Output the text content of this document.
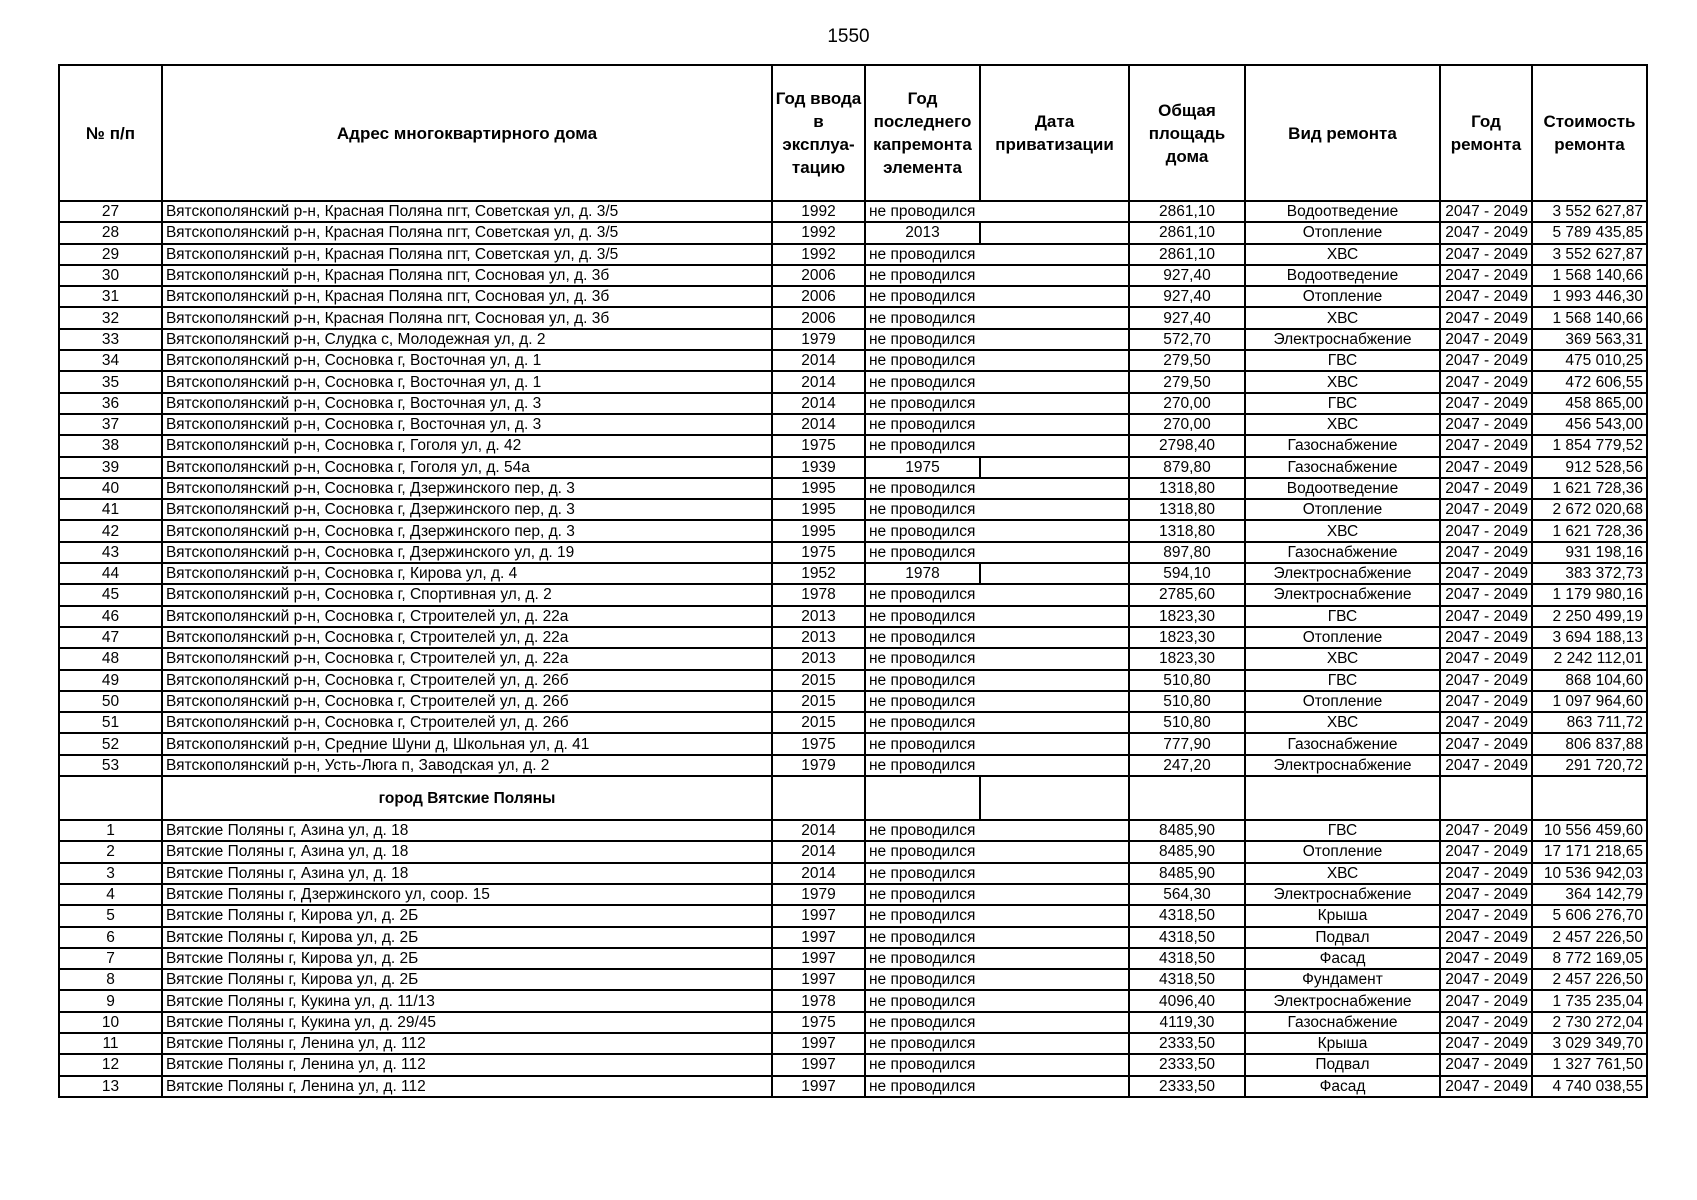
1550
№ п/п	Адрес многоквартирного дома	Год ввода в эксплуа-тацию	Год последнего капремонта элемента	Дата приватизации	Общая площадь дома	Вид ремонта	Год ремонта	Стоимость ремонта
27	Вятскополянский р-н, Красная Поляна пгт, Советская ул, д. 3/5	1992	не проводился		2861,10	Водоотведение	2047 - 2049	3 552 627,87
28	Вятскополянский р-н, Красная Поляна пгт, Советская ул, д. 3/5	1992	2013		2861,10	Отопление	2047 - 2049	5 789 435,85
29	Вятскополянский р-н, Красная Поляна пгт, Советская ул, д. 3/5	1992	не проводился		2861,10	ХВС	2047 - 2049	3 552 627,87
30	Вятскополянский р-н, Красная Поляна пгт, Сосновая ул, д. 3б	2006	не проводился		927,40	Водоотведение	2047 - 2049	1 568 140,66
31	Вятскополянский р-н, Красная Поляна пгт, Сосновая ул, д. 3б	2006	не проводился		927,40	Отопление	2047 - 2049	1 993 446,30
32	Вятскополянский р-н, Красная Поляна пгт, Сосновая ул, д. 3б	2006	не проводился		927,40	ХВС	2047 - 2049	1 568 140,66
33	Вятскополянский р-н, Слудка с, Молодежная ул, д. 2	1979	не проводился		572,70	Электроснабжение	2047 - 2049	369 563,31
34	Вятскополянский р-н, Сосновка г, Восточная ул, д. 1	2014	не проводился		279,50	ГВС	2047 - 2049	475 010,25
35	Вятскополянский р-н, Сосновка г, Восточная ул, д. 1	2014	не проводился		279,50	ХВС	2047 - 2049	472 606,55
36	Вятскополянский р-н, Сосновка г, Восточная ул, д. 3	2014	не проводился		270,00	ГВС	2047 - 2049	458 865,00
37	Вятскополянский р-н, Сосновка г, Восточная ул, д. 3	2014	не проводился		270,00	ХВС	2047 - 2049	456 543,00
38	Вятскополянский р-н, Сосновка г, Гоголя ул, д. 42	1975	не проводился		2798,40	Газоснабжение	2047 - 2049	1 854 779,52
39	Вятскополянский р-н, Сосновка г, Гоголя ул, д. 54а	1939	1975		879,80	Газоснабжение	2047 - 2049	912 528,56
40	Вятскополянский р-н, Сосновка г, Дзержинского пер, д. 3	1995	не проводился		1318,80	Водоотведение	2047 - 2049	1 621 728,36
41	Вятскополянский р-н, Сосновка г, Дзержинского пер, д. 3	1995	не проводился		1318,80	Отопление	2047 - 2049	2 672 020,68
42	Вятскополянский р-н, Сосновка г, Дзержинского пер, д. 3	1995	не проводился		1318,80	ХВС	2047 - 2049	1 621 728,36
43	Вятскополянский р-н, Сосновка г, Дзержинского ул, д. 19	1975	не проводился		897,80	Газоснабжение	2047 - 2049	931 198,16
44	Вятскополянский р-н, Сосновка г, Кирова ул, д. 4	1952	1978		594,10	Электроснабжение	2047 - 2049	383 372,73
45	Вятскополянский р-н, Сосновка г, Спортивная ул, д. 2	1978	не проводился		2785,60	Электроснабжение	2047 - 2049	1 179 980,16
46	Вятскополянский р-н, Сосновка г, Строителей ул, д. 22а	2013	не проводился		1823,30	ГВС	2047 - 2049	2 250 499,19
47	Вятскополянский р-н, Сосновка г, Строителей ул, д. 22а	2013	не проводился		1823,30	Отопление	2047 - 2049	3 694 188,13
48	Вятскополянский р-н, Сосновка г, Строителей ул, д. 22а	2013	не проводился		1823,30	ХВС	2047 - 2049	2 242 112,01
49	Вятскополянский р-н, Сосновка г, Строителей ул, д. 26б	2015	не проводился		510,80	ГВС	2047 - 2049	868 104,60
50	Вятскополянский р-н, Сосновка г, Строителей ул, д. 26б	2015	не проводился		510,80	Отопление	2047 - 2049	1 097 964,60
51	Вятскополянский р-н, Сосновка г, Строителей ул, д. 26б	2015	не проводился		510,80	ХВС	2047 - 2049	863 711,72
52	Вятскополянский р-н, Средние Шуни д, Школьная ул, д. 41	1975	не проводился		777,90	Газоснабжение	2047 - 2049	806 837,88
53	Вятскополянский р-н, Усть-Люга п, Заводская ул, д. 2	1979	не проводился		247,20	Электроснабжение	2047 - 2049	291 720,72
	город Вятские Поляны							
1	Вятские Поляны г, Азина ул, д. 18	2014	не проводился		8485,90	ГВС	2047 - 2049	10 556 459,60
2	Вятские Поляны г, Азина ул, д. 18	2014	не проводился		8485,90	Отопление	2047 - 2049	17 171 218,65
3	Вятские Поляны г, Азина ул, д. 18	2014	не проводился		8485,90	ХВС	2047 - 2049	10 536 942,03
4	Вятские Поляны г, Дзержинского ул, соор. 15	1979	не проводился		564,30	Электроснабжение	2047 - 2049	364 142,79
5	Вятские Поляны г, Кирова ул, д. 2Б	1997	не проводился		4318,50	Крыша	2047 - 2049	5 606 276,70
6	Вятские Поляны г, Кирова ул, д. 2Б	1997	не проводился		4318,50	Подвал	2047 - 2049	2 457 226,50
7	Вятские Поляны г, Кирова ул, д. 2Б	1997	не проводился		4318,50	Фасад	2047 - 2049	8 772 169,05
8	Вятские Поляны г, Кирова ул, д. 2Б	1997	не проводился		4318,50	Фундамент	2047 - 2049	2 457 226,50
9	Вятские Поляны г, Кукина ул, д. 11/13	1978	не проводился		4096,40	Электроснабжение	2047 - 2049	1 735 235,04
10	Вятские Поляны г, Кукина ул, д. 29/45	1975	не проводился		4119,30	Газоснабжение	2047 - 2049	2 730 272,04
11	Вятские Поляны г, Ленина ул, д. 112	1997	не проводился		2333,50	Крыша	2047 - 2049	3 029 349,70
12	Вятские Поляны г, Ленина ул, д. 112	1997	не проводился		2333,50	Подвал	2047 - 2049	1 327 761,50
13	Вятские Поляны г, Ленина ул, д. 112	1997	не проводился		2333,50	Фасад	2047 - 2049	4 740 038,55
